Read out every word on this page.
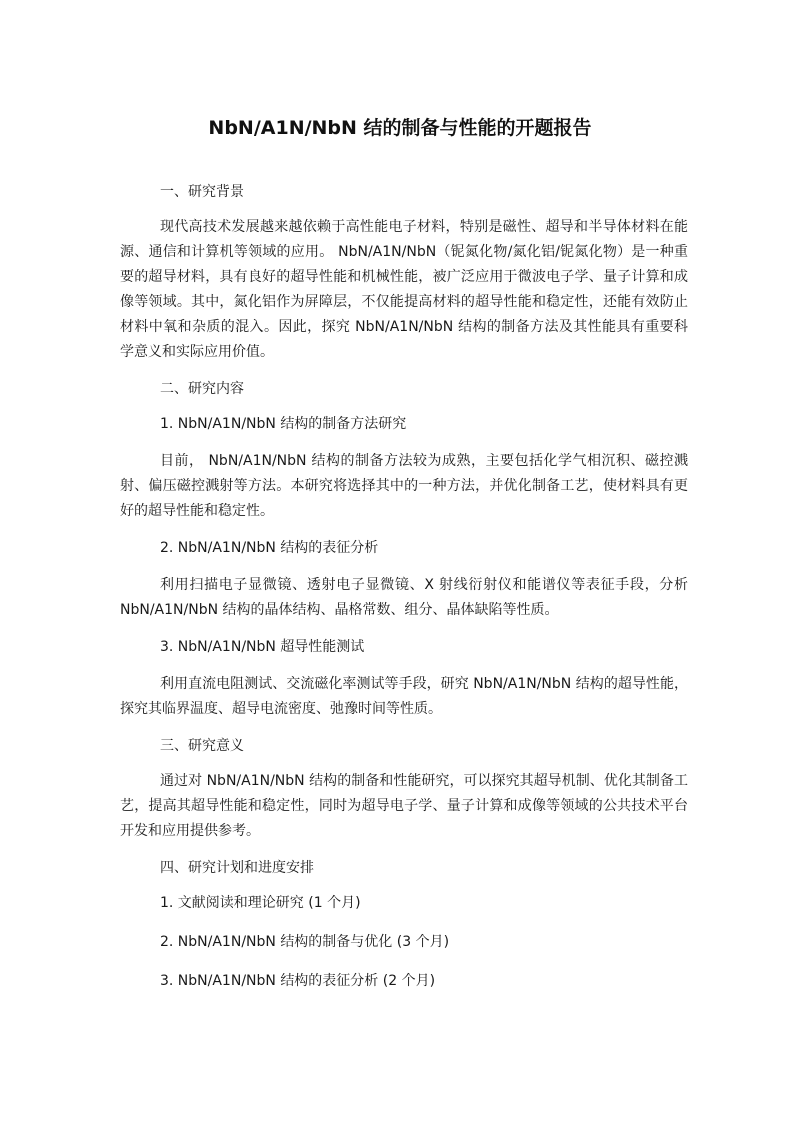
NbN/A1N/NbN 结的制备与性能的开题报告
一、研究背景
现代高技术发展越来越依赖于高性能电子材料，特别是磁性、超导和半导体材料在能源、通信和计算机等领域的应用。 NbN/A1N/NbN（铌氮化物/氮化铝/铌氮化物）是一种重要的超导材料，具有良好的超导性能和机械性能，被广泛应用于微波电子学、量子计算和成像等领域。其中，氮化铝作为屏障层，不仅能提高材料的超导性能和稳定性，还能有效防止材料中氧和杂质的混入。因此，探究 NbN/A1N/NbN 结构的制备方法及其性能具有重要科学意义和实际应用价值。
二、研究内容
1. NbN/A1N/NbN 结构的制备方法研究
目前， NbN/A1N/NbN 结构的制备方法较为成熟，主要包括化学气相沉积、磁控溅射、偏压磁控溅射等方法。本研究将选择其中的一种方法，并优化制备工艺，使材料具有更好的超导性能和稳定性。
2. NbN/A1N/NbN 结构的表征分析
利用扫描电子显微镜、透射电子显微镜、X 射线衍射仪和能谱仪等表征手段，分析 NbN/A1N/NbN 结构的晶体结构、晶格常数、组分、晶体缺陷等性质。
3. NbN/A1N/NbN 超导性能测试
利用直流电阻测试、交流磁化率测试等手段，研究 NbN/A1N/NbN 结构的超导性能，探究其临界温度、超导电流密度、弛豫时间等性质。
三、研究意义
通过对 NbN/A1N/NbN 结构的制备和性能研究，可以探究其超导机制、优化其制备工艺，提高其超导性能和稳定性，同时为超导电子学、量子计算和成像等领域的公共技术平台开发和应用提供参考。
四、研究计划和进度安排
1. 文献阅读和理论研究 (1 个月)
2. NbN/A1N/NbN 结构的制备与优化 (3 个月)
3. NbN/A1N/NbN 结构的表征分析 (2 个月)
